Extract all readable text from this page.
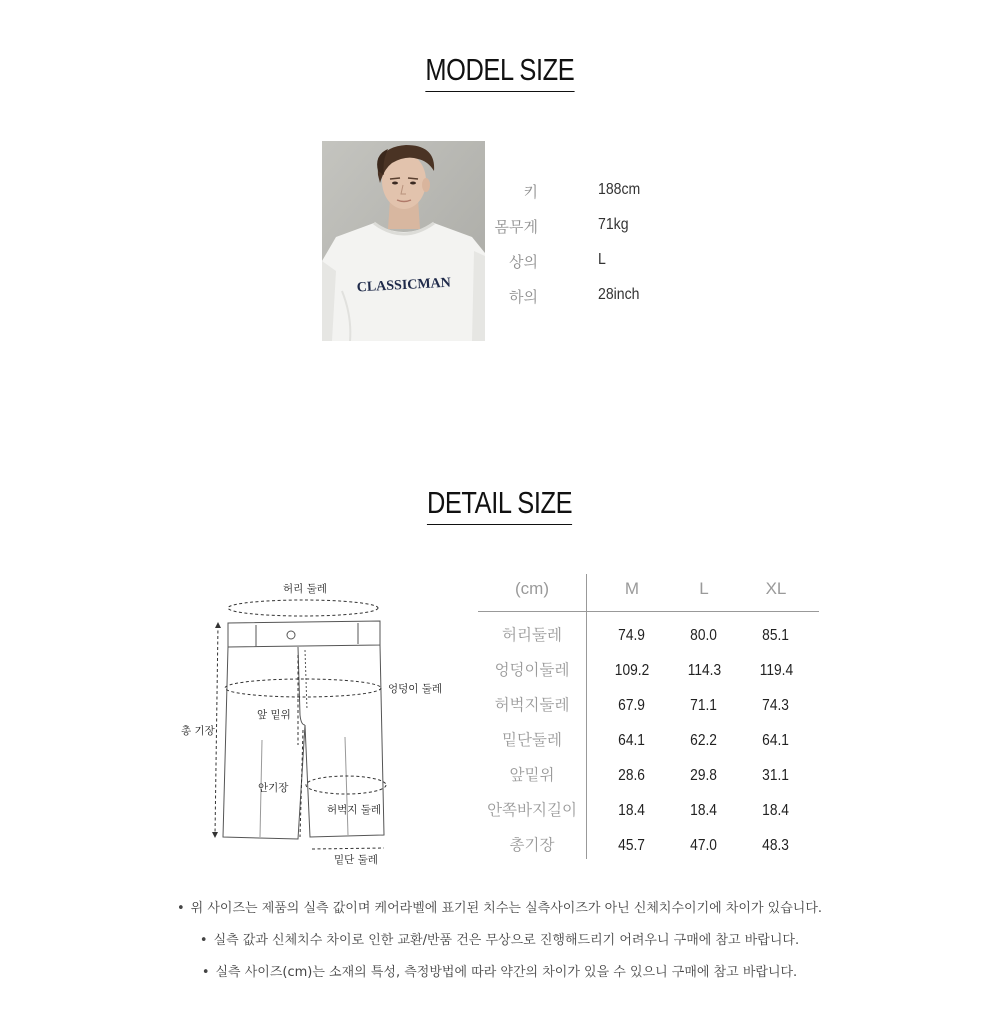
MODEL SIZE
CLASSICMAN
키	188cm
몸무게	71kg
상의	L
하의	28inch
DETAIL SIZE
허리 둘레
엉덩이 둘레
총 기장
앞 밑위
안기장
허벅지 둘레
밑단 둘레
(cm)	M	L	XL
허리둘레	74.9	80.0	85.1
엉덩이둘레	109.2	114.3	119.4
허벅지둘레	67.9	71.1	74.3
밑단둘레	64.1	62.2	64.1
앞밑위	28.6	29.8	31.1
안쪽바지길이	18.4	18.4	18.4
총기장	45.7	47.0	48.3
• 위 사이즈는 제품의 실측 값이며 케어라벨에 표기된 치수는 실측사이즈가 아닌 신체치수이기에 차이가 있습니다.
• 실측 값과 신체치수 차이로 인한 교환/반품 건은 무상으로 진행해드리기 어려우니 구매에 참고 바랍니다.
• 실측 사이즈(cm)는 소재의 특성, 측정방법에 따라 약간의 차이가 있을 수 있으니 구매에 참고 바랍니다.
